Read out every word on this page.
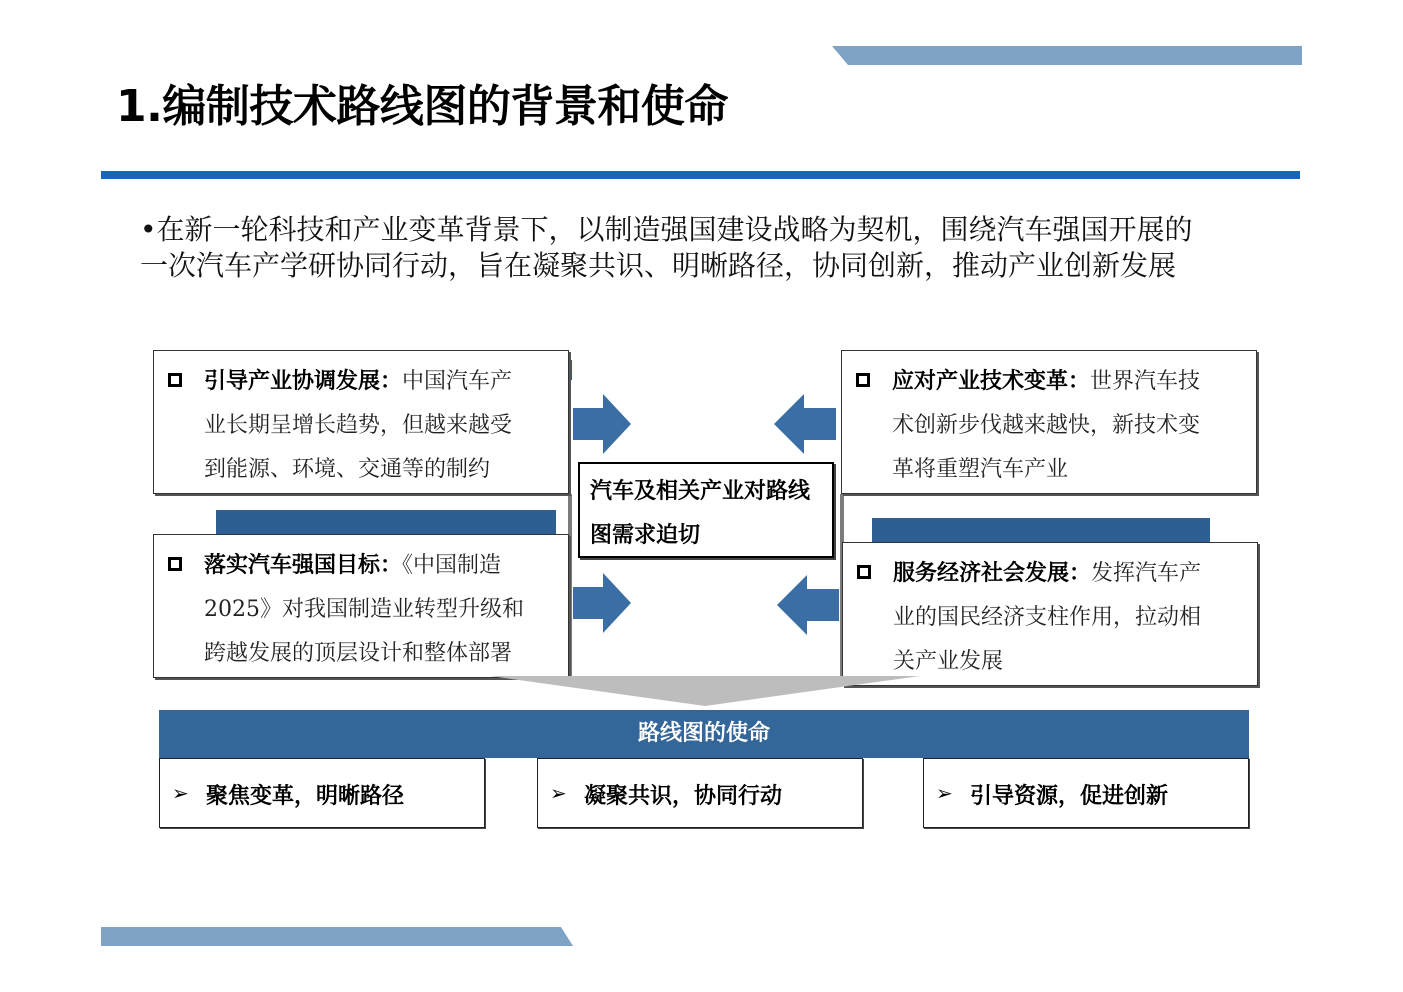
1.编制技术路线图的背景和使命
•在新一轮科技和产业变革背景下，以制造强国建设战略为契机，围绕汽车强国开展的
一次汽车产学研协同行动，旨在凝聚共识、明晰路径，协同创新，推动产业创新发展
引导产业协调发展：中国汽车产
业长期呈增长趋势，但越来越受
到能源、环境、交通等的制约
应对产业技术变革：世界汽车技
术创新步伐越来越快，新技术变
革将重塑汽车产业
落实汽车强国目标：《中国制造
2025》对我国制造业转型升级和
跨越发展的顶层设计和整体部署
服务经济社会发展：发挥汽车产
业的国民经济支柱作用，拉动相
关产业发展
汽车及相关产业对路线
图需求迫切
路线图的使命
➢ 聚焦变革，明晰路径	➢ 凝聚共识，协同行动	➢ 引导资源，促进创新
